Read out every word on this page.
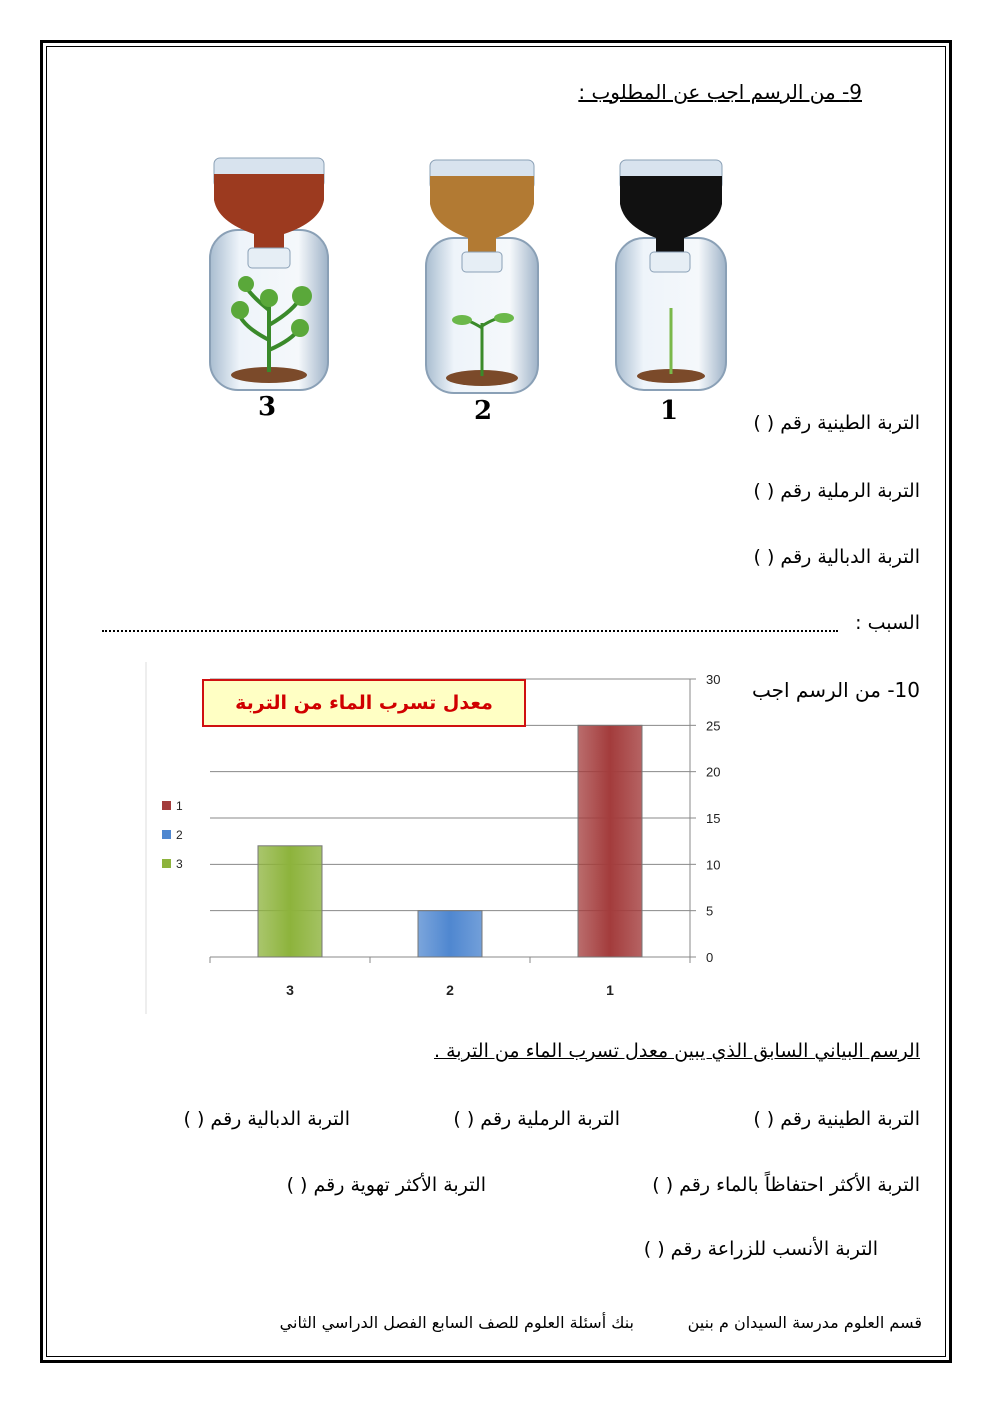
9- من الرسم اجب عن المطلوب :
3	2	1	التربة الطينية رقم ( )
التربة الرملية رقم ( )
التربة الدبالية رقم ( )
السبب :
10- من الرسم اجب
0
5
10
15
20
25
30
3	2	1
1
2
3
معدل تسرب الماء من التربة
الرسم البياني السابق الذي يبين معدل تسرب الماء من التربة .
التربة الطينية رقم ( )
التربة الرملية رقم ( )
التربة الدبالية رقم ( )
التربة الأكثر احتفاظاً بالماء رقم ( )
التربة الأكثر تهوية رقم ( )
التربة الأنسب للزراعة رقم ( )
قسم العلوم مدرسة السيدان م بنين
بنك أسئلة العلوم للصف السابع الفصل الدراسي الثاني
